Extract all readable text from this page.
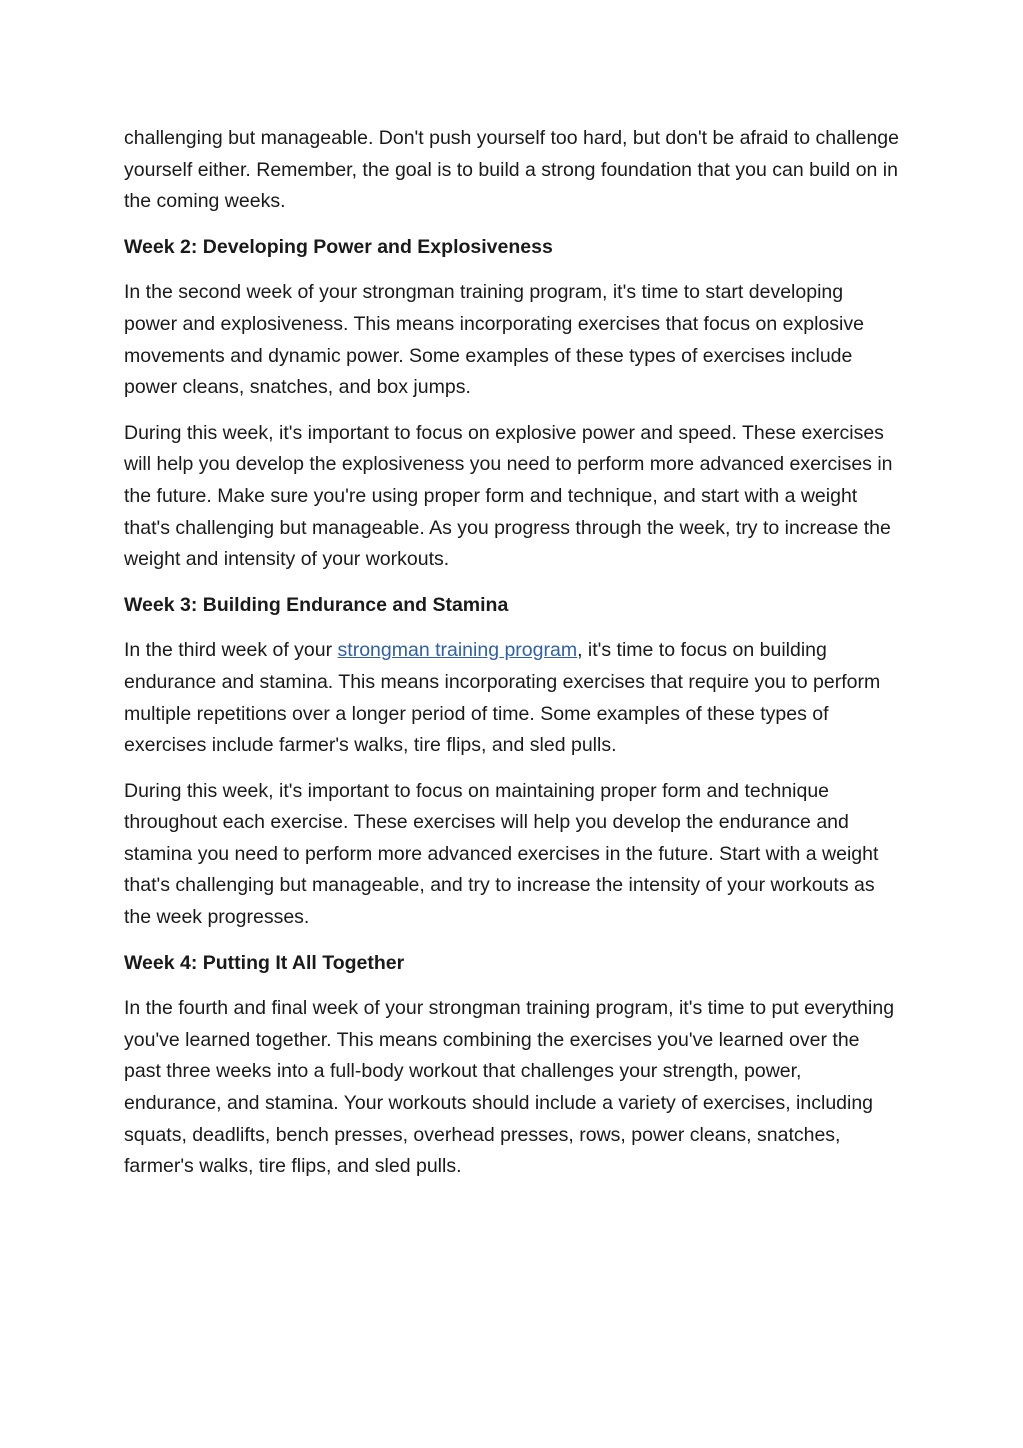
challenging but manageable. Don't push yourself too hard, but don't be afraid to challenge yourself either. Remember, the goal is to build a strong foundation that you can build on in the coming weeks.

Week 2: Developing Power and Explosiveness

In the second week of your strongman training program, it's time to start developing power and explosiveness. This means incorporating exercises that focus on explosive movements and dynamic power. Some examples of these types of exercises include power cleans, snatches, and box jumps.

During this week, it's important to focus on explosive power and speed. These exercises will help you develop the explosiveness you need to perform more advanced exercises in the future. Make sure you're using proper form and technique, and start with a weight that's challenging but manageable. As you progress through the week, try to increase the weight and intensity of your workouts.

Week 3: Building Endurance and Stamina

In the third week of your strongman training program, it's time to focus on building endurance and stamina. This means incorporating exercises that require you to perform multiple repetitions over a longer period of time. Some examples of these types of exercises include farmer's walks, tire flips, and sled pulls.

During this week, it's important to focus on maintaining proper form and technique throughout each exercise. These exercises will help you develop the endurance and stamina you need to perform more advanced exercises in the future. Start with a weight that's challenging but manageable, and try to increase the intensity of your workouts as the week progresses.

Week 4: Putting It All Together

In the fourth and final week of your strongman training program, it's time to put everything you've learned together. This means combining the exercises you've learned over the past three weeks into a full-body workout that challenges your strength, power, endurance, and stamina. Your workouts should include a variety of exercises, including squats, deadlifts, bench presses, overhead presses, rows, power cleans, snatches, farmer's walks, tire flips, and sled pulls.
